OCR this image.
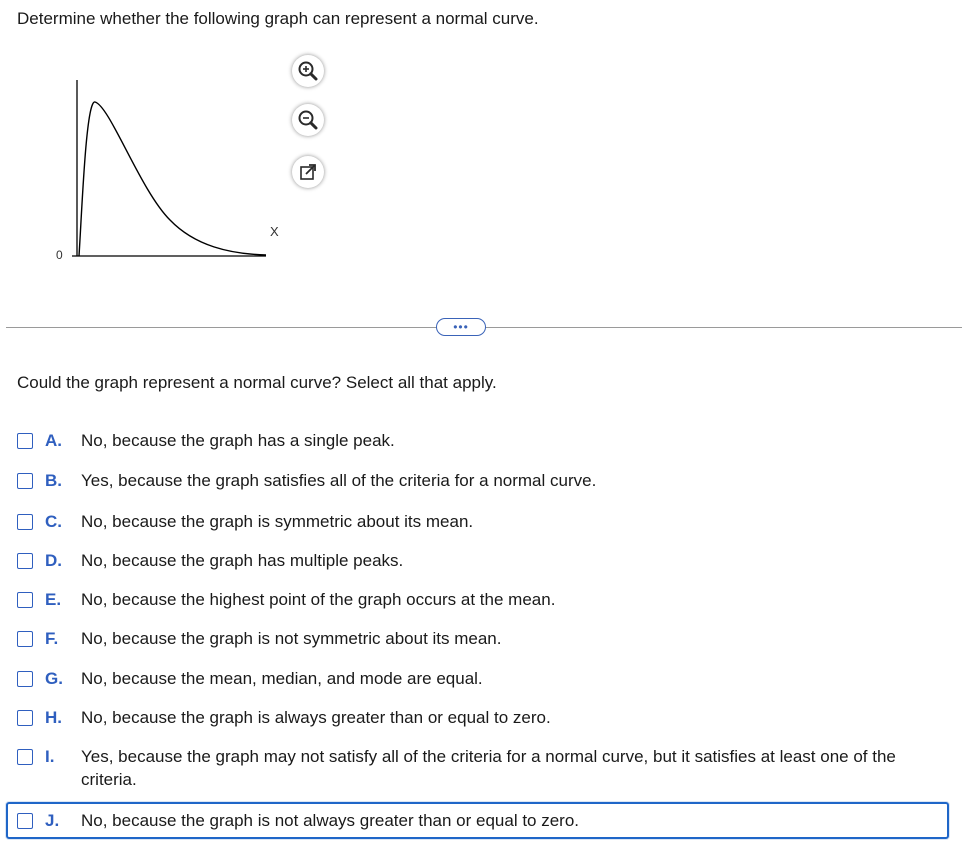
Determine whether the following graph can represent a normal curve.
0
X
•••
Could the graph represent a normal curve? Select all that apply.
A.	No, because the graph has a single peak.
B.	Yes, because the graph satisfies all of the criteria for a normal curve.
C.	No, because the graph is symmetric about its mean.
D.	No, because the graph has multiple peaks.
E.	No, because the highest point of the graph occurs at the mean.
F.	No, because the graph is not symmetric about its mean.
G.	No, because the mean, median, and mode are equal.
H.	No, because the graph is always greater than or equal to zero.
I.	Yes, because the graph may not satisfy all of the criteria for a normal curve, but it satisfies at least one of the criteria.
J.	No, because the graph is not always greater than or equal to zero.
